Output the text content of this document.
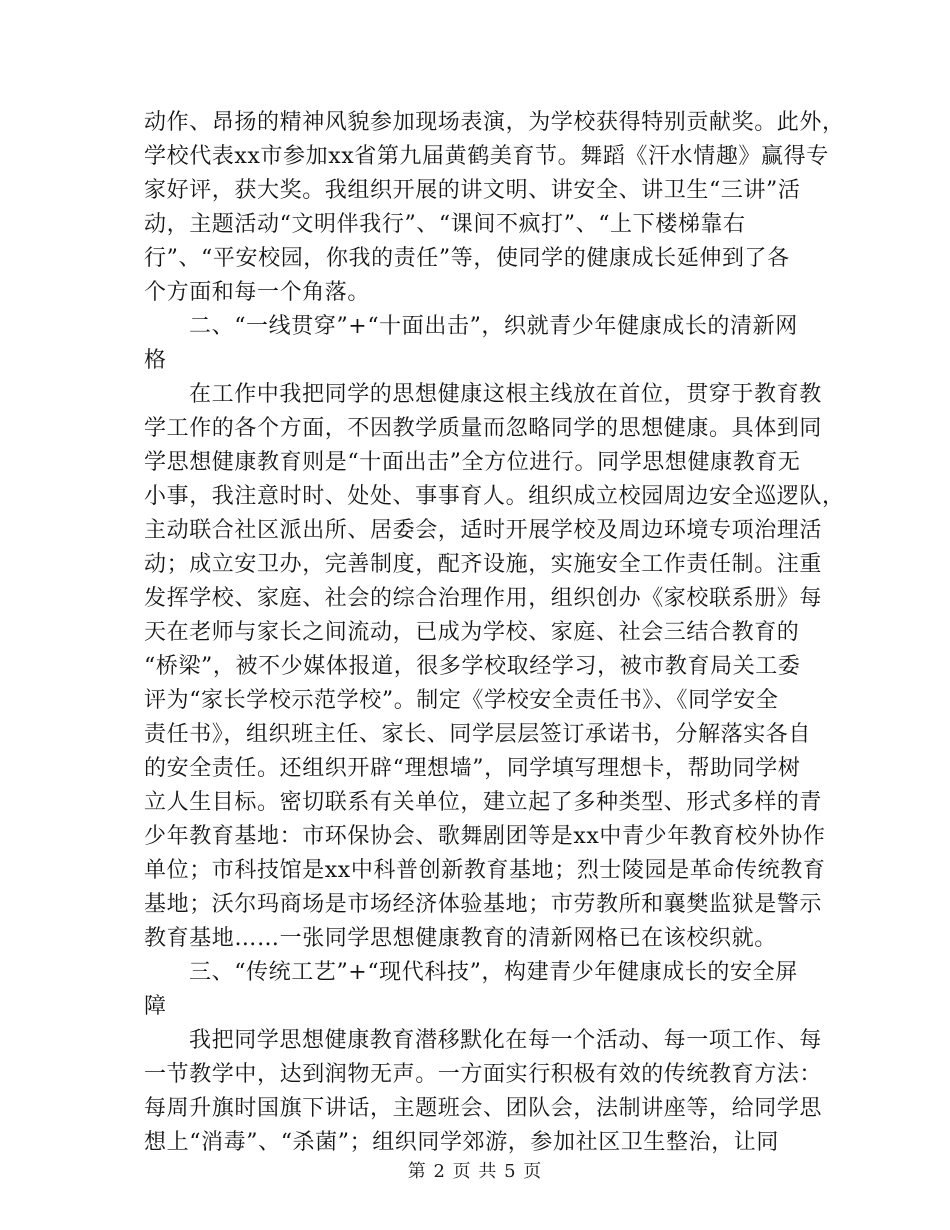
动作、昂扬的精神风貌参加现场表演，为学校获得特别贡献奖。此外，
学校代表xx市参加xx省第九届黄鹤美育节。舞蹈《汗水情趣》赢得专
家好评，获大奖。我组织开展的讲文明、讲安全、讲卫生“三讲”活
动，主题活动“文明伴我行”、“课间不疯打”、“上下楼梯靠右
行”、“平安校园，你我的责任”等，使同学的健康成长延伸到了各
个方面和每一个角落。
二、“一线贯穿”+“十面出击”，织就青少年健康成长的清新网
格
在工作中我把同学的思想健康这根主线放在首位，贯穿于教育教
学工作的各个方面，不因教学质量而忽略同学的思想健康。具体到同
学思想健康教育则是“十面出击”全方位进行。同学思想健康教育无
小事，我注意时时、处处、事事育人。组织成立校园周边安全巡逻队，
主动联合社区派出所、居委会，适时开展学校及周边环境专项治理活
动；成立安卫办，完善制度，配齐设施，实施安全工作责任制。注重
发挥学校、家庭、社会的综合治理作用，组织创办《家校联系册》每
天在老师与家长之间流动，已成为学校、家庭、社会三结合教育的
“桥梁”，被不少媒体报道，很多学校取经学习，被市教育局关工委
评为“家长学校示范学校”。制定《学校安全责任书》、《同学安全
责任书》，组织班主任、家长、同学层层签订承诺书，分解落实各自
的安全责任。还组织开辟“理想墙”，同学填写理想卡，帮助同学树
立人生目标。密切联系有关单位，建立起了多种类型、形式多样的青
少年教育基地：市环保协会、歌舞剧团等是xx中青少年教育校外协作
单位；市科技馆是xx中科普创新教育基地；烈士陵园是革命传统教育
基地；沃尔玛商场是市场经济体验基地；市劳教所和襄樊监狱是警示
教育基地……一张同学思想健康教育的清新网格已在该校织就。
三、“传统工艺”+“现代科技”，构建青少年健康成长的安全屏
障
我把同学思想健康教育潜移默化在每一个活动、每一项工作、每
一节教学中，达到润物无声。一方面实行积极有效的传统教育方法：
每周升旗时国旗下讲话，主题班会、团队会，法制讲座等，给同学思
想上“消毒”、“杀菌”；组织同学郊游，参加社区卫生整治，让同
第 2 页 共 5 页
